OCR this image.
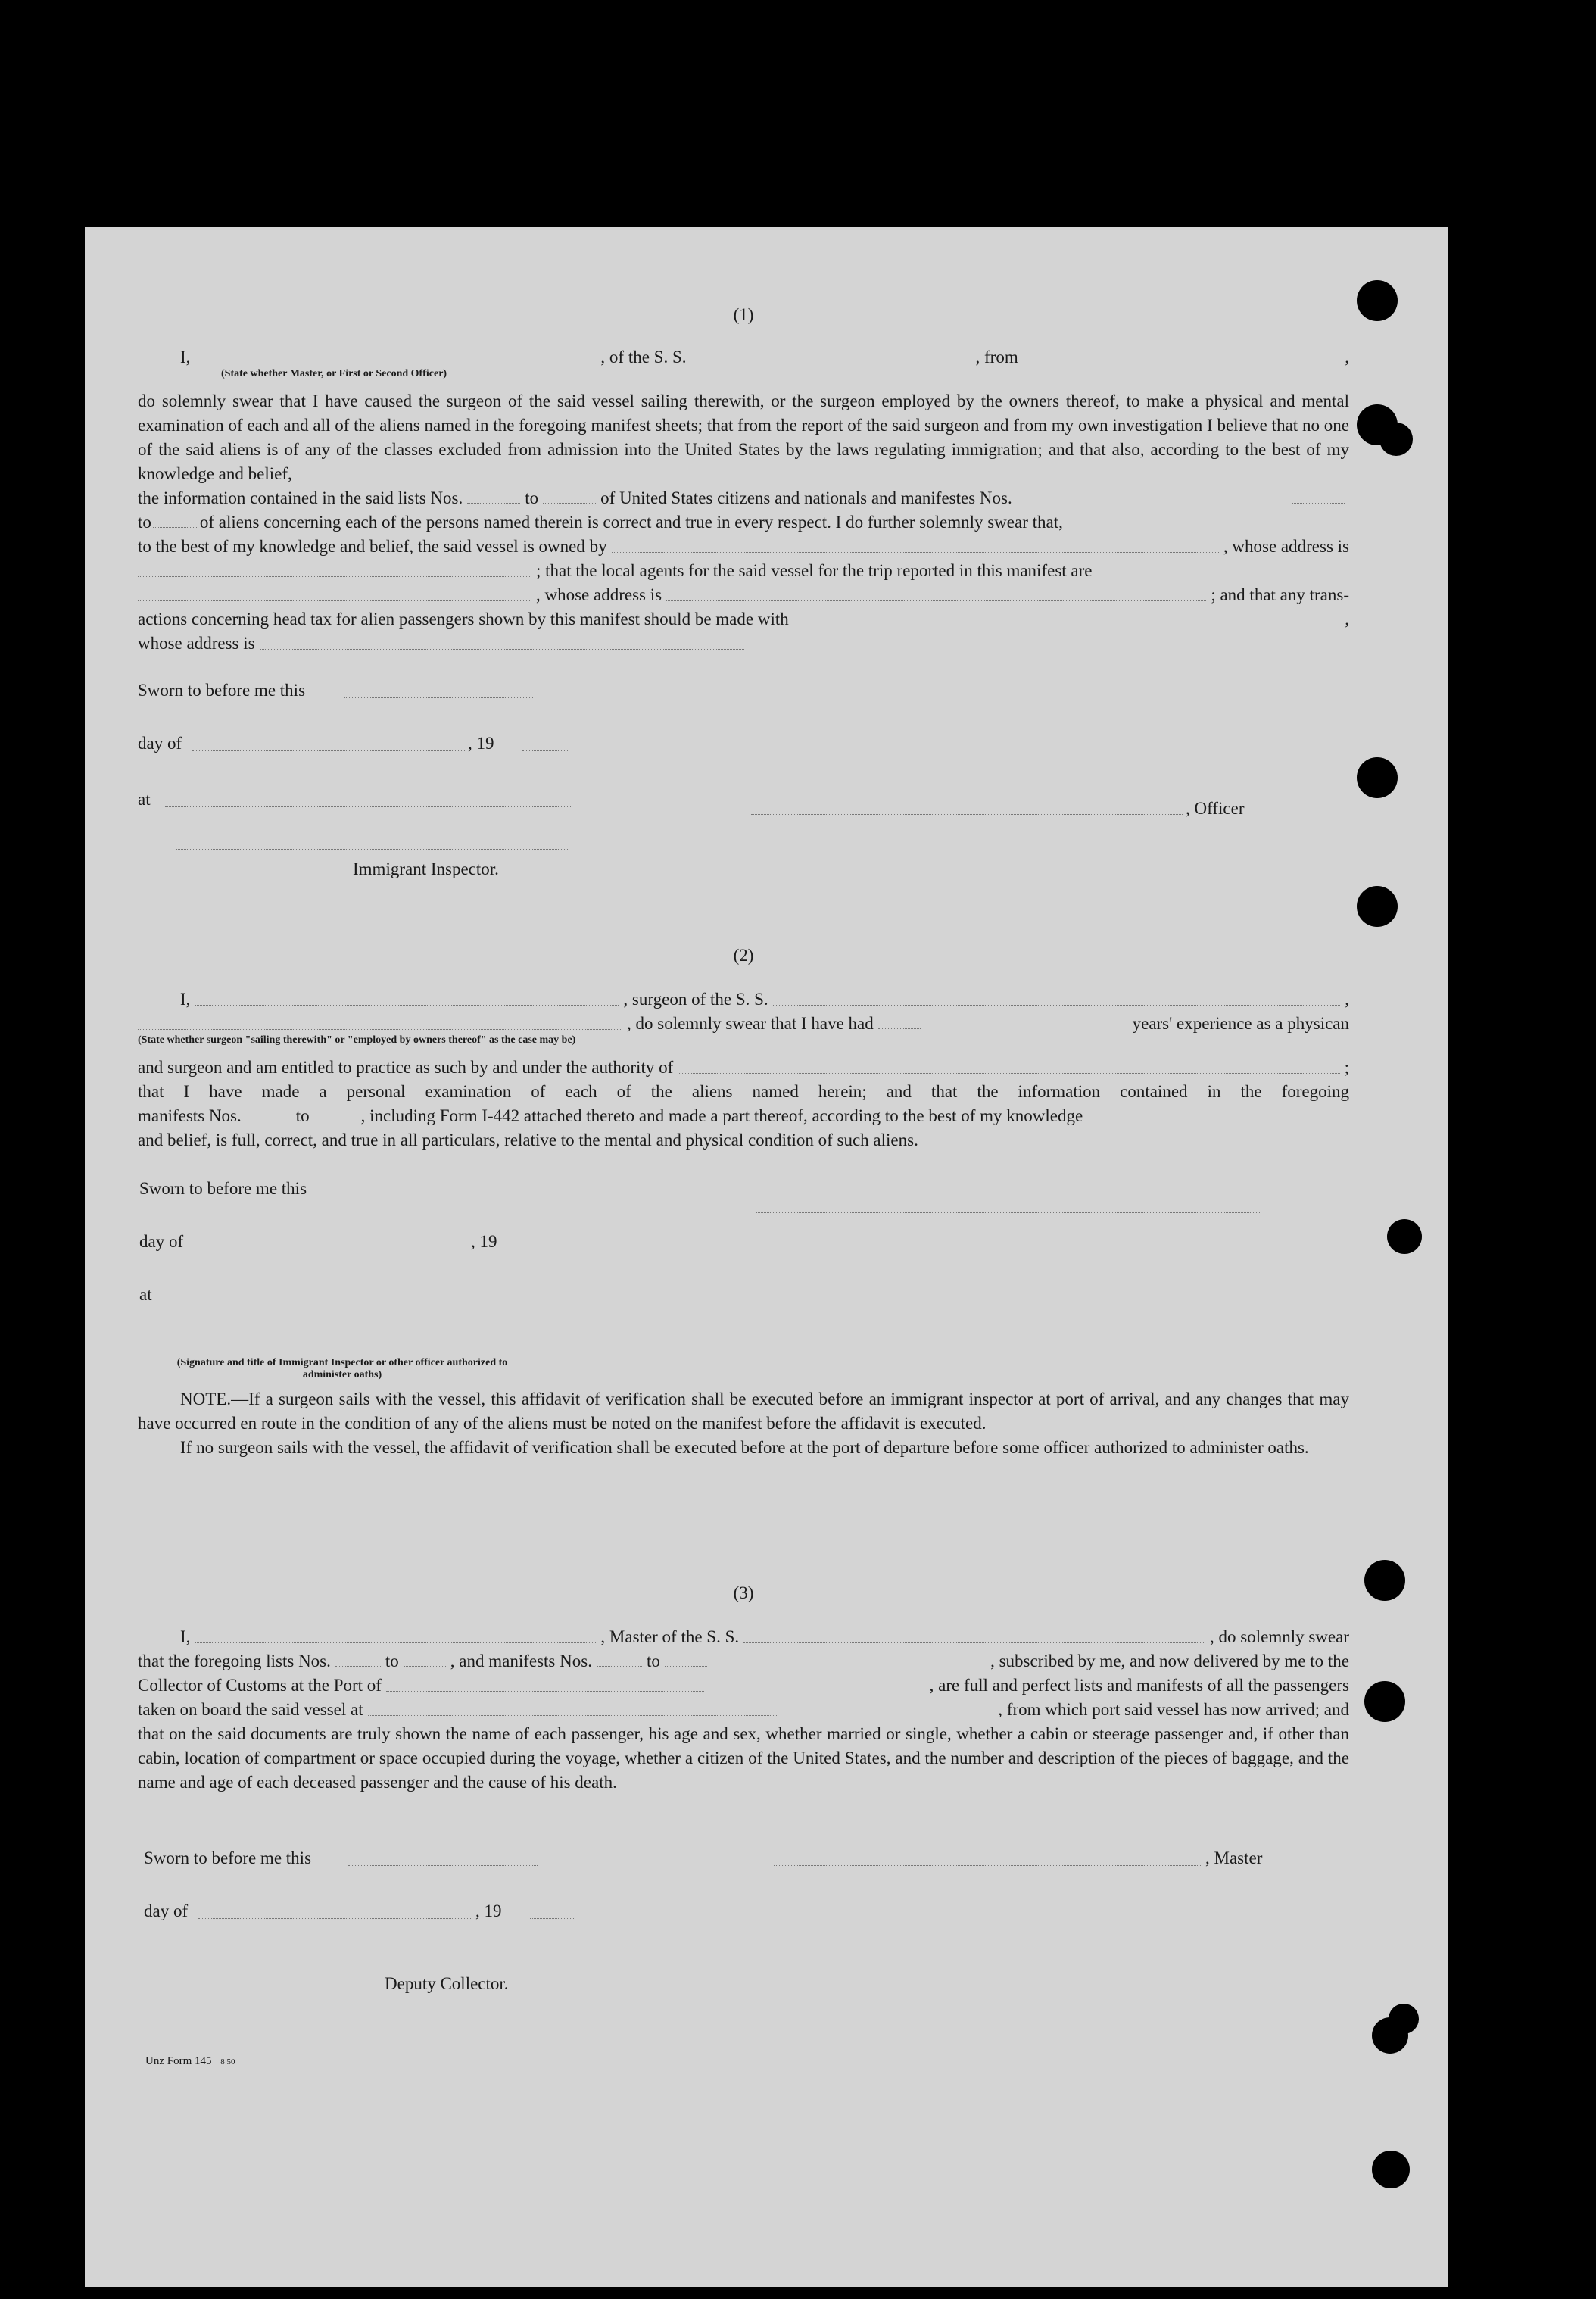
(1)
I,	, of the S. S.	, from	,
(State whether Master, or First or Second Officer)

do solemnly swear that I have caused the surgeon of the said vessel sailing therewith, or the surgeon employed by the owners thereof, to make a physical and mental examination of each and all of the aliens named in the foregoing manifest sheets; that from the report of the said surgeon and from my own investigation I believe that no one of the said aliens is of any of the classes excluded from admission into the United States by the laws regulating immigration; and that also, according to the best of my knowledge and belief,

the information contained in the said lists Nos.	to	of United States citizens and nationals and manifestes Nos.
to	of aliens concerning each of the persons named therein is correct and true in every respect. I do further solemnly swear that,
to the best of my knowledge and belief, the said vessel is owned by	, whose address is
; that the local agents for the said vessel for the trip reported in this manifest are
, whose address is	; and that any trans-
actions concerning head tax for alien passengers shown by this manifest should be made with	,
whose address is
Sworn to before me this
day of	, 19
at	, Officer
Immigrant Inspector.
(2)
I,	, surgeon of the S. S.	,
, do solemnly swear that I have had	years' experience as a physican
(State whether surgeon "sailing therewith" or "employed by owners thereof" as the case may be)
and surgeon and am entitled to practice as such by and under the authority of	;

that I have made a personal examination of each of the aliens named herein; and that the information contained in the foregoing

manifests Nos.	to	, including Form I-442 attached thereto and made a part thereof, according to the best of my knowledge

and belief, is full, correct, and true in all particulars, relative to the mental and physical condition of such aliens.

Sworn to before me this
day of	, 19
at
(Signature and title of Immigrant Inspector or other officer authorized to administer oaths)

NOTE.—If a surgeon sails with the vessel, this affidavit of verification shall be executed before an immigrant inspector at port of arrival, and any changes that may have occurred en route in the condition of any of the aliens must be noted on the manifest before the affidavit is executed.

If no surgeon sails with the vessel, the affidavit of verification shall be executed before at the port of departure before some officer authorized to administer oaths.

(3)
I,	, Master of the S. S.	, do solemnly swear
that the foregoing lists Nos.	to	, and manifests Nos.	to	, subscribed by me, and now delivered by me to the
Collector of Customs at the Port of	, are full and perfect lists and manifests of all the passengers
taken on board the said vessel at	, from which port said vessel has now arrived; and

that on the said documents are truly shown the name of each passenger, his age and sex, whether married or single, whether a cabin or steerage passenger and, if other than cabin, location of compartment or space occupied during the voyage, whether a citizen of the United States, and the number and description of the pieces of baggage, and the name and age of each deceased passenger and the cause of his death.

Sworn to before me this	, Master
day of	, 19
Deputy Collector.
Unz Form 145 8 50
